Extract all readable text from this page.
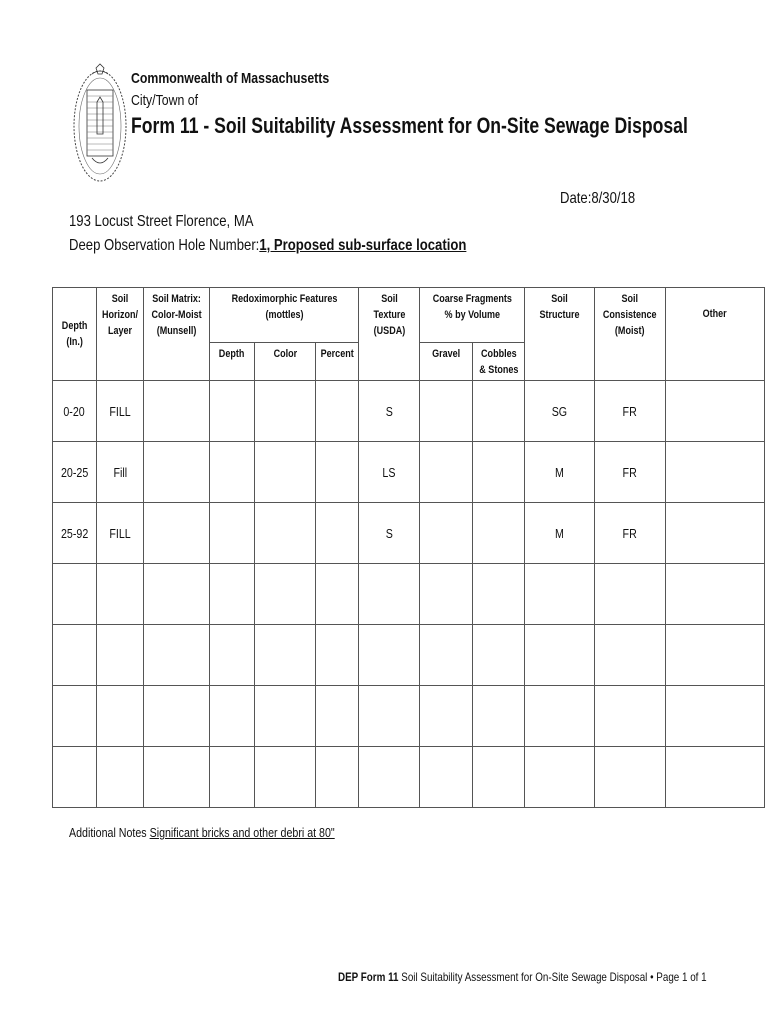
Commonwealth of Massachusetts
City/Town of
Form 11 - Soil Suitability Assessment for On-Site Sewage Disposal
Date:8/30/18
193 Locust Street Florence, MA
Deep Observation Hole Number:1, Proposed sub-surface location
Depth
(In.)	Soil
Horizon/
Layer	Soil Matrix:
Color-Moist
(Munsell)	Redoximorphic Features
(mottles)			Soil
Texture
(USDA)	Coarse Fragments
% by Volume		Soil Structure	Soil
Consistence
(Moist)	Other
			Depth	Color	Percent		Gravel	Cobbles
& Stones			
0-20	FILL					S			SG	FR	
20-25	Fill					LS			M	FR	
25-92	FILL					S			M	FR	

Additional Notes Significant bricks and other debri at 80"
DEP Form 11 Soil Suitability Assessment for On-Site Sewage Disposal • Page 1 of 1
